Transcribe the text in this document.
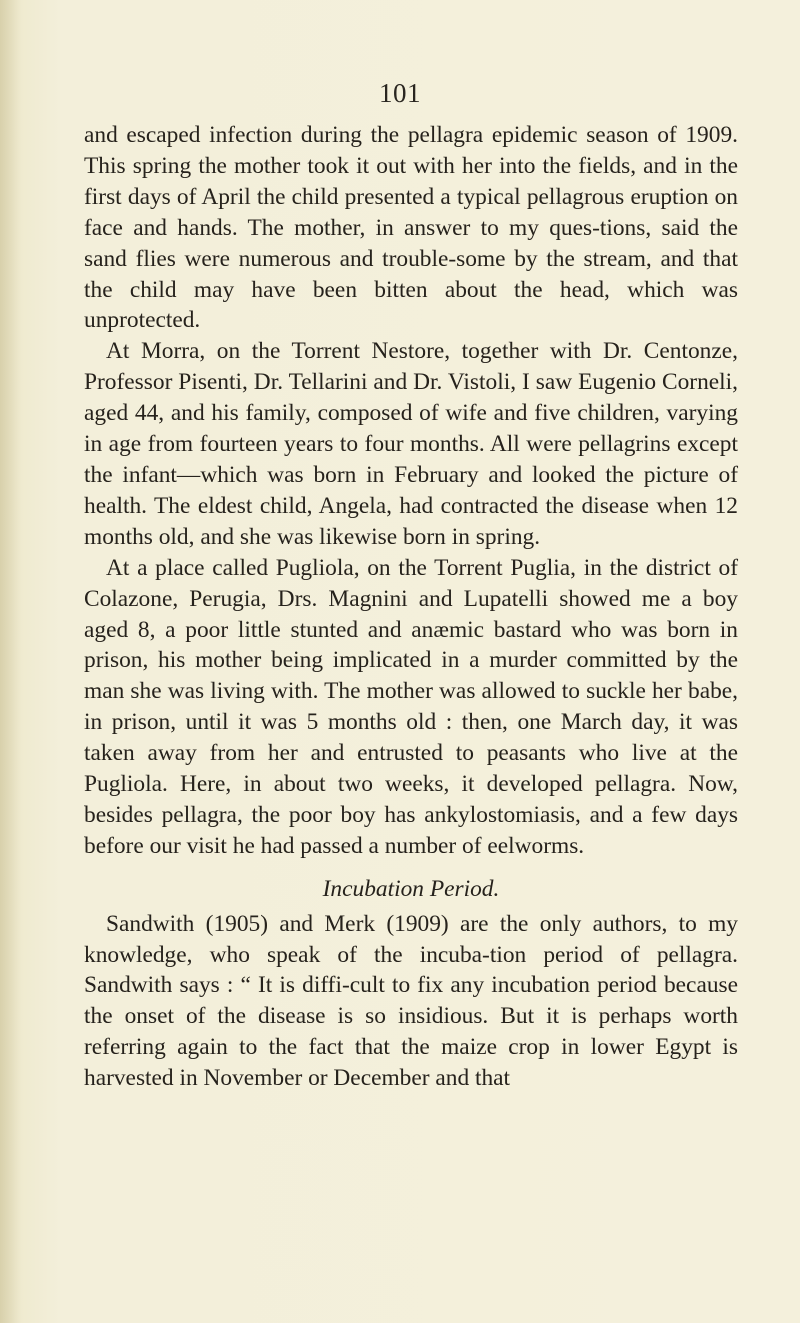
101

and escaped infection during the pellagra epidemic season of 1909. This spring the mother took it out with her into the fields, and in the first days of April the child presented a typical pellagrous eruption on face and hands. The mother, in answer to my ques-tions, said the sand flies were numerous and trouble-some by the stream, and that the child may have been bitten about the head, which was unprotected.

At Morra, on the Torrent Nestore, together with Dr. Centonze, Professor Pisenti, Dr. Tellarini and Dr. Vistoli, I saw Eugenio Corneli, aged 44, and his family, composed of wife and five children, varying in age from fourteen years to four months. All were pellagrins except the infant—which was born in February and looked the picture of health. The eldest child, Angela, had contracted the disease when 12 months old, and she was likewise born in spring.

At a place called Pugliola, on the Torrent Puglia, in the district of Colazone, Perugia, Drs. Magnini and Lupatelli showed me a boy aged 8, a poor little stunted and anæmic bastard who was born in prison, his mother being implicated in a murder committed by the man she was living with. The mother was allowed to suckle her babe, in prison, until it was 5 months old : then, one March day, it was taken away from her and entrusted to peasants who live at the Pugliola. Here, in about two weeks, it developed pellagra. Now, besides pellagra, the poor boy has ankylostomiasis, and a few days before our visit he had passed a number of eelworms.

Incubation Period.

Sandwith (1905) and Merk (1909) are the only authors, to my knowledge, who speak of the incuba-tion period of pellagra. Sandwith says : “ It is diffi-cult to fix any incubation period because the onset of the disease is so insidious. But it is perhaps worth referring again to the fact that the maize crop in lower Egypt is harvested in November or December and that
